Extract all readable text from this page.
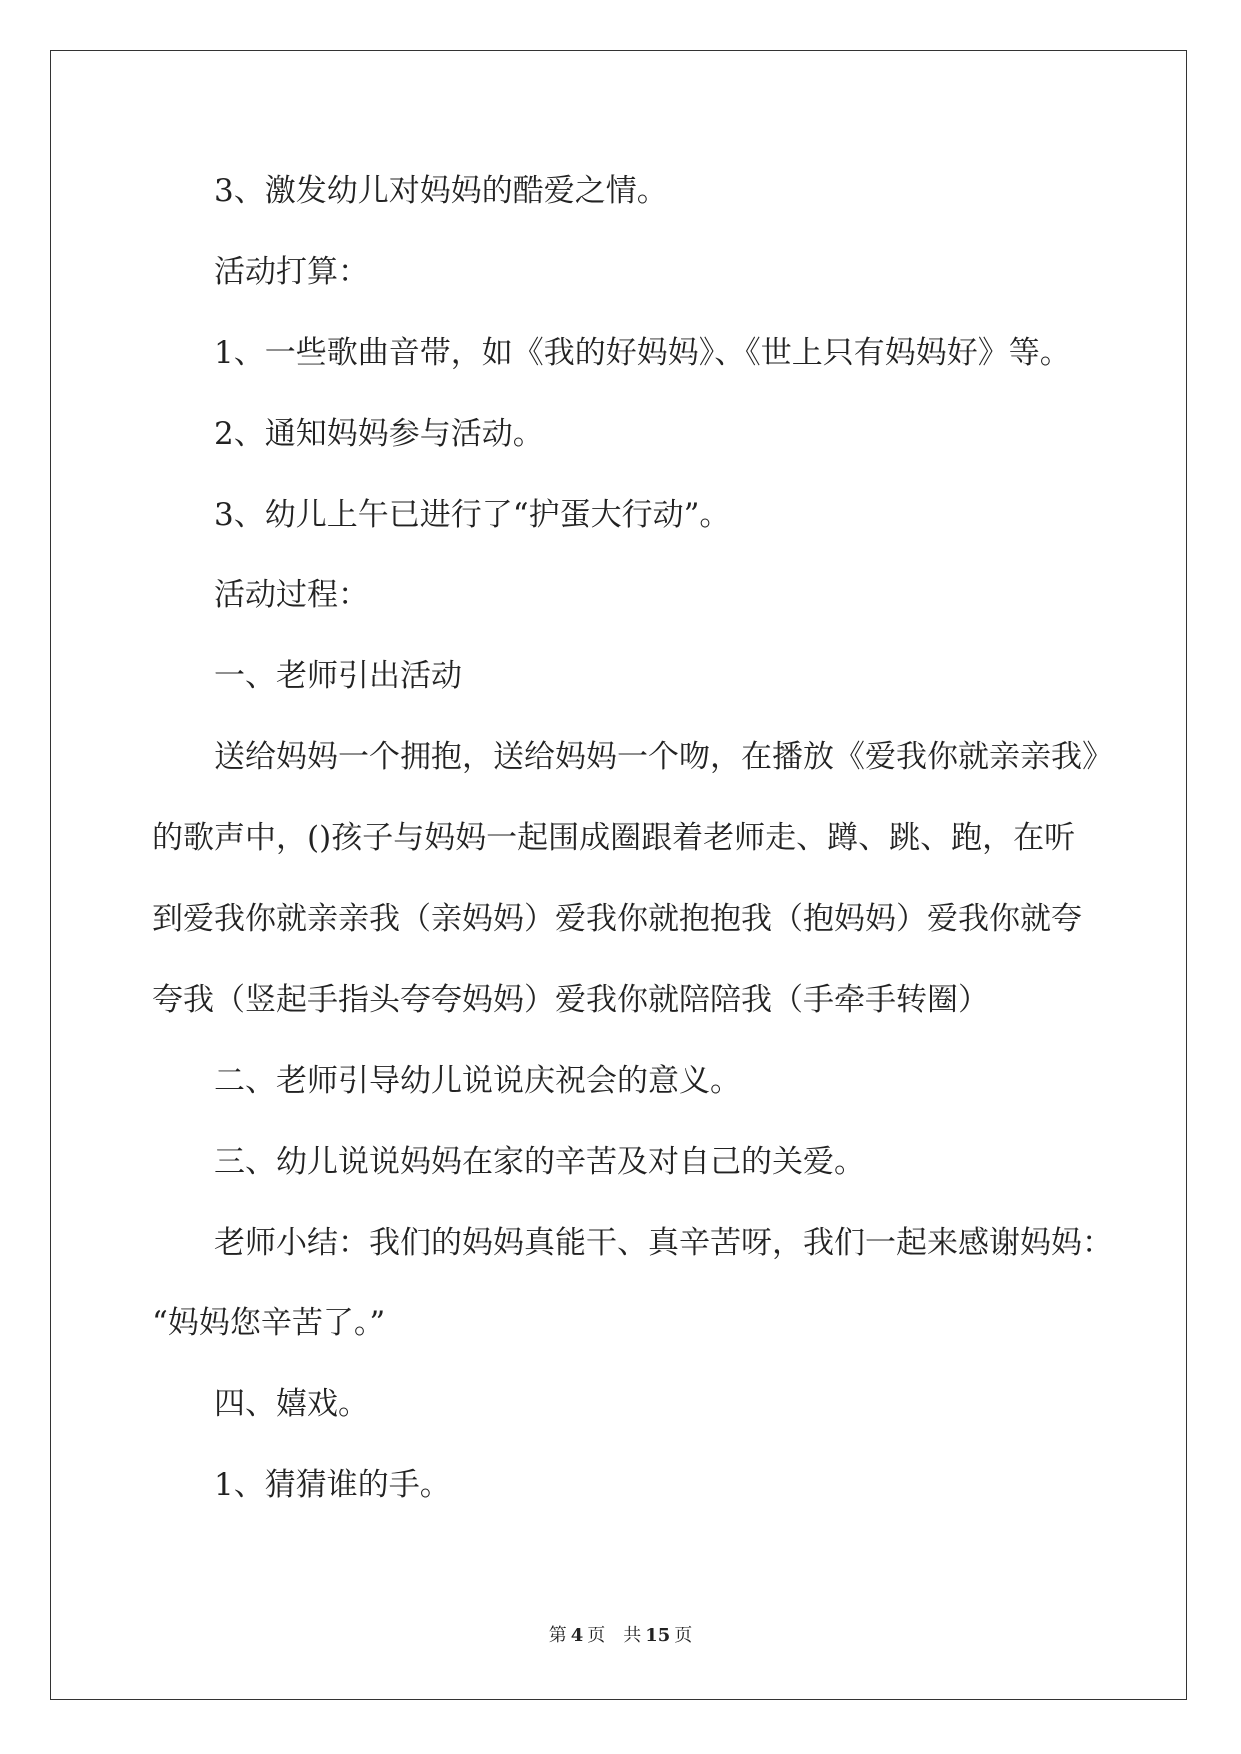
3、激发幼儿对妈妈的酷爱之情。
活动打算：
1、一些歌曲音带，如《我的好妈妈》、《世上只有妈妈好》等。
2、通知妈妈参与活动。
3、幼儿上午已进行了“护蛋大行动”。
活动过程：
一、老师引出活动
送给妈妈一个拥抱，送给妈妈一个吻，在播放《爱我你就亲亲我》
的歌声中，()孩子与妈妈一起围成圈跟着老师走、蹲、跳、跑，在听
到爱我你就亲亲我（亲妈妈）爱我你就抱抱我（抱妈妈）爱我你就夸
夸我（竖起手指头夸夸妈妈）爱我你就陪陪我（手牵手转圈）
二、老师引导幼儿说说庆祝会的意义。
三、幼儿说说妈妈在家的辛苦及对自己的关爱。
老师小结：我们的妈妈真能干、真辛苦呀，我们一起来感谢妈妈：
“妈妈您辛苦了。”
四、嬉戏。
1、猜猜谁的手。
第 4 页 共 15 页
